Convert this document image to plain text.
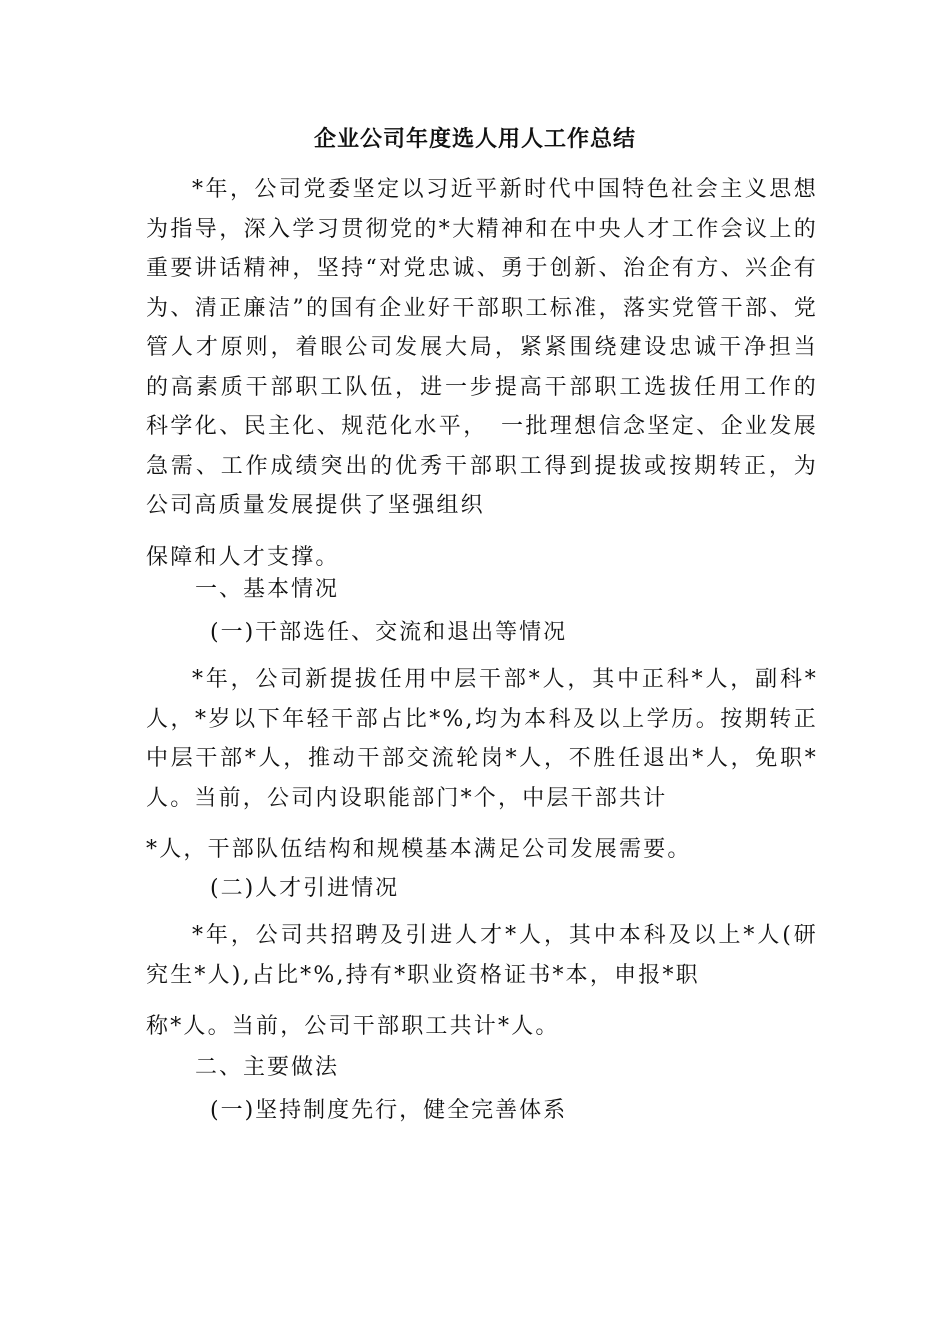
企业公司年度选人用人工作总结

*年，公司党委坚定以习近平新时代中国特色社会主义思想为指导，深入学习贯彻党的*大精神和在中央人才工作会议上的重要讲话精神，坚持“对党忠诚、勇于创新、治企有方、兴企有为、清正廉洁”的国有企业好干部职工标准，落实党管干部、党管人才原则，着眼公司发展大局，紧紧围绕建设忠诚干净担当的高素质干部职工队伍，进一步提高干部职工选拔任用工作的科学化、民主化、规范化水平，　一批理想信念坚定、企业发展急需、工作成绩突出的优秀干部职工得到提拔或按期转正，为公司高质量发展提供了坚强组织
保障和人才支撑。

一、基本情况

(一)干部选任、交流和退出等情况

*年，公司新提拔任用中层干部*人，其中正科*人，副科*人，*岁以下年轻干部占比*%,均为本科及以上学历。按期转正中层干部*人，推动干部交流轮岗*人，不胜任退出*人，免职*人。当前，公司内设职能部门*个，中层干部共计
*人，干部队伍结构和规模基本满足公司发展需要。

(二)人才引进情况

*年，公司共招聘及引进人才*人，其中本科及以上*人(研究生*人),占比*%,持有*职业资格证书*本，申报*职
称*人。当前，公司干部职工共计*人。

二、主要做法

(一)坚持制度先行，健全完善体系
